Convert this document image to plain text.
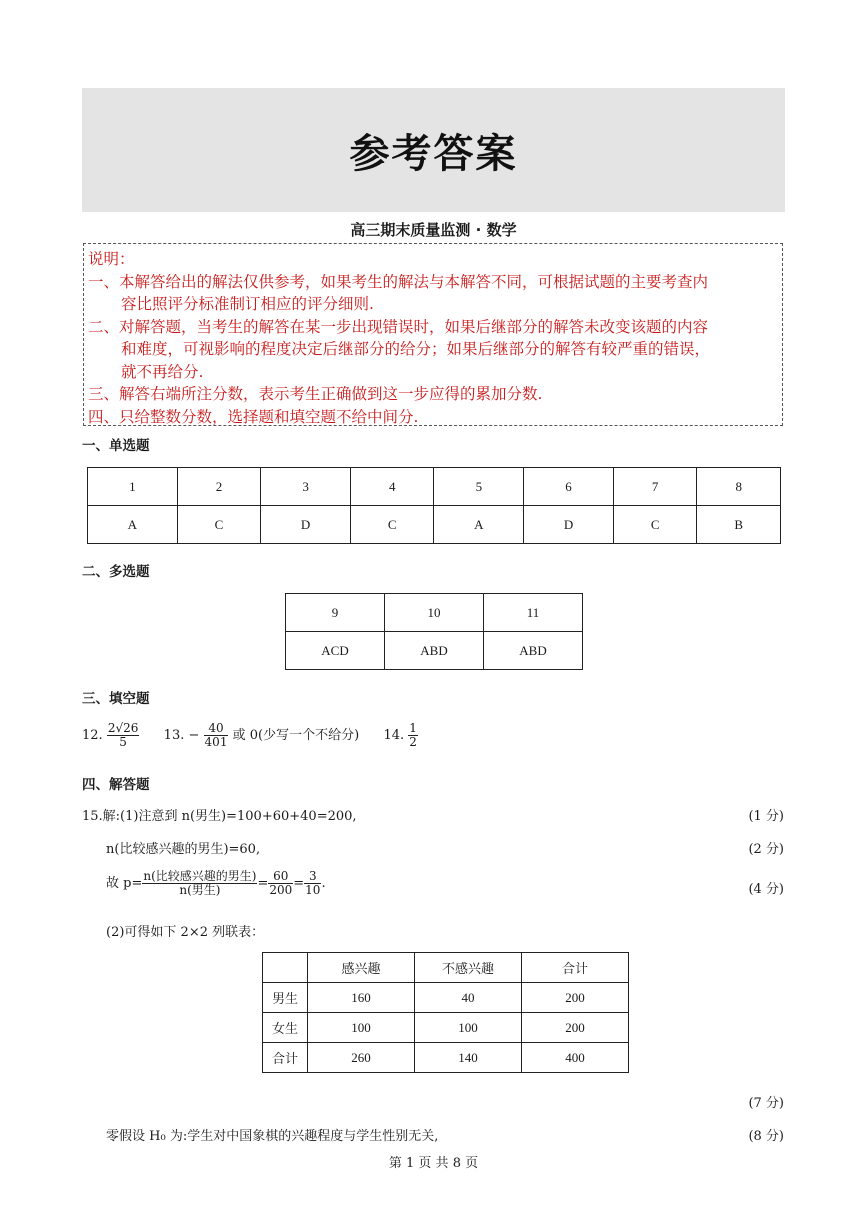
参考答案
高三期末质量监测 · 数学
说明：
一、本解答给出的解法仅供参考，如果考生的解法与本解答不同，可根据试题的主要考查内
容比照评分标准制订相应的评分细则.
二、对解答题，当考生的解答在某一步出现错误时，如果后继部分的解答未改变该题的内容
和难度，可视影响的程度决定后继部分的给分；如果后继部分的解答有较严重的错误，
就不再给分.
三、解答右端所注分数，表示考生正确做到这一步应得的累加分数.
四、只给整数分数，选择题和填空题不给中间分.
一、单选题
1	2	3	4	5	6	7	8
A	C	D	C	A	D	C	B
二、多选题
9	10	11
ACD	ABD	ABD
三、填空题
12. $\frac{2√26}{5} 13$. − $\frac{40}{401}$ 或 0(少写一个不给分) 14. $\frac{1}{2}$
四、解答题
15.解:(1)注意到 n(男生)=100+60+40=200,	(1 分)
n(比较感兴趣的男生)=60,	(2 分)
故 $p= \frac{\text{n(比较感兴趣的男生)}}{\text{n(男生)}} = \frac{60}{200} = \frac{3}{10}$ .	(4 分)
(2)可得如下 2×2 列联表：
	感兴趣	不感兴趣	合计
男生	160	40	200
女生	100	100	200
合计	260	140	400
(7 分)
零假设 H₀ 为:学生对中国象棋的兴趣程度与学生性别无关,	(8 分)
第 1 页 共 8 页
